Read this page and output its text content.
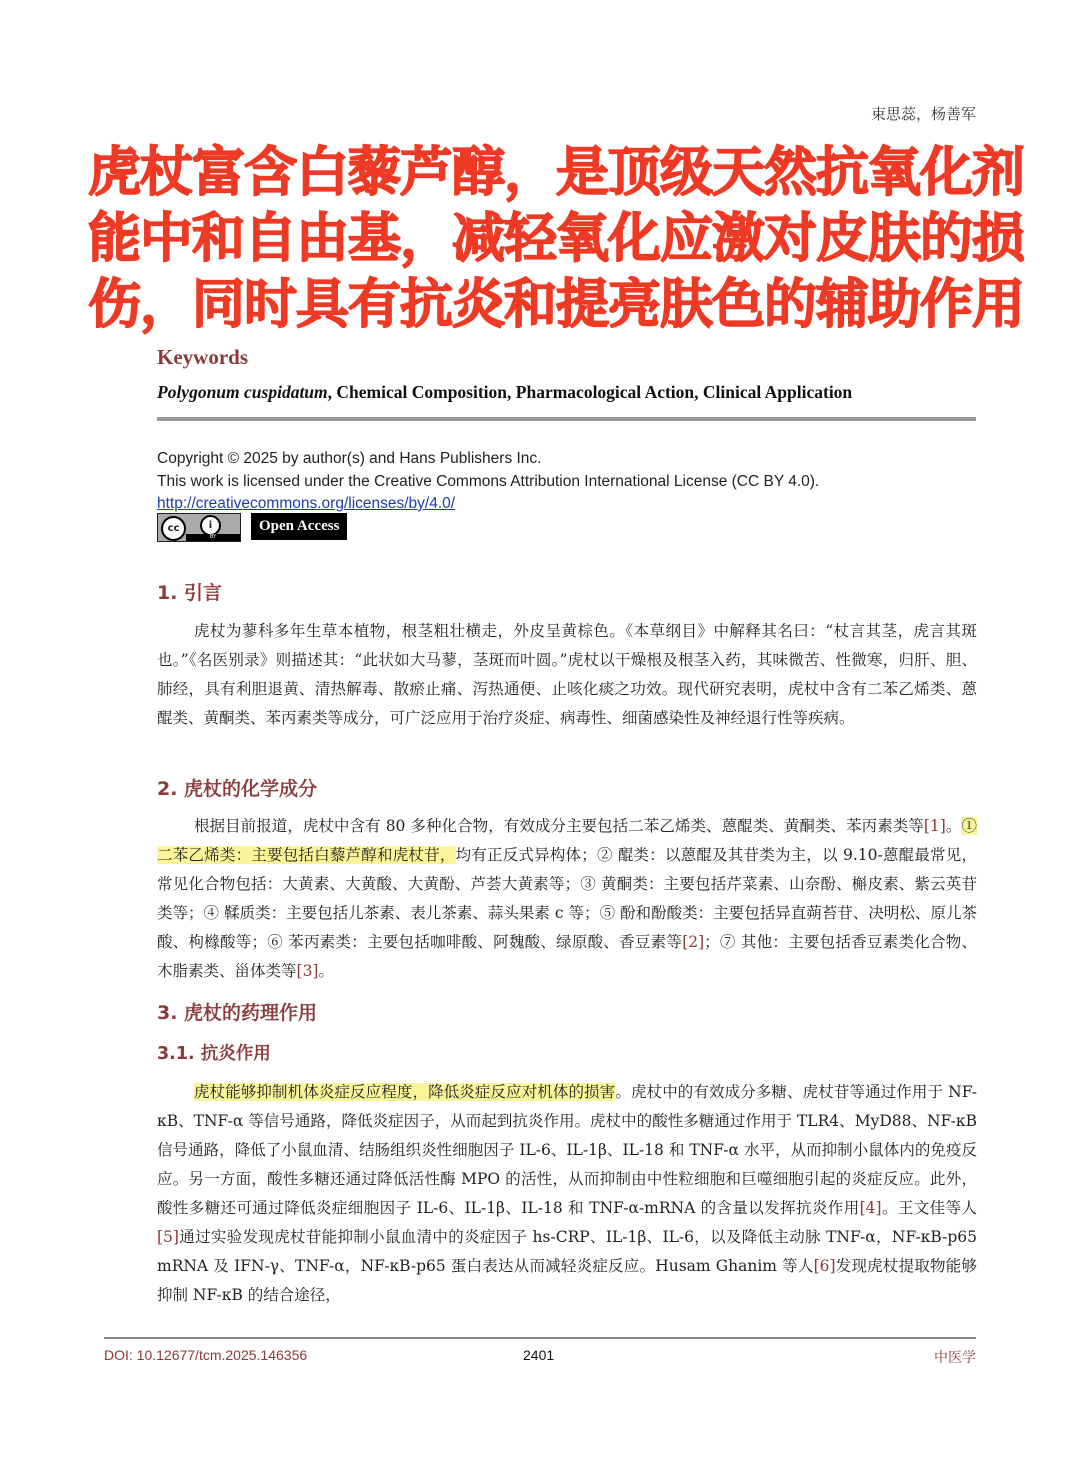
束思蕊，杨善军
虎杖富含白藜芦醇，是顶级天然抗氧化剂
能中和自由基，减轻氧化应激对皮肤的损
伤，同时具有抗炎和提亮肤色的辅助作用
Keywords
Polygonum cuspidatum, Chemical Composition, Pharmacological Action, Clinical Application
Copyright © 2025 by author(s) and Hans Publishers Inc.
This work is licensed under the Creative Commons Attribution International License (CC BY 4.0).
http://creativecommons.org/licenses/by/4.0/
cc	i
BY
Open Access
1. 引言
虎杖为蓼科多年生草本植物，根茎粗壮横走，外皮呈黄棕色。《本草纲目》中解释其名曰：“杖言其茎，虎言其斑也。”《名医别录》则描述其：“此状如大马蓼，茎斑而叶圆。”虎杖以干燥根及根茎入药，其味微苦、性微寒，归肝、胆、肺经，具有利胆退黄、清热解毒、散瘀止痛、泻热通便、止咳化痰之功效。现代研究表明，虎杖中含有二苯乙烯类、蒽醌类、黄酮类、苯丙素类等成分，可广泛应用于治疗炎症、病毒性、细菌感染性及神经退行性等疾病。
2. 虎杖的化学成分
根据目前报道，虎杖中含有 80 多种化合物，有效成分主要包括二苯乙烯类、蒽醌类、黄酮类、苯丙素类等[1]。① 二苯乙烯类：主要包括白藜芦醇和虎杖苷，均有正反式异构体；② 醌类：以蒽醌及其苷类为主，以 9.10-蒽醌最常见，常见化合物包括：大黄素、大黄酸、大黄酚、芦荟大黄素等；③ 黄酮类：主要包括芹菜素、山奈酚、槲皮素、紫云英苷类等；④ 鞣质类：主要包括儿茶素、表儿茶素、蒜头果素 c 等；⑤ 酚和酚酸类：主要包括异直蒴苔苷、决明松、原儿茶酸、枸橼酸等；⑥ 苯丙素类：主要包括咖啡酸、阿魏酸、绿原酸、香豆素等[2]；⑦ 其他：主要包括香豆素类化合物、木脂素类、甾体类等[3]。
3. 虎杖的药理作用
3.1. 抗炎作用
虎杖能够抑制机体炎症反应程度，降低炎症反应对机体的损害。虎杖中的有效成分多糖、虎杖苷等通过作用于 NF-κB、TNF-α 等信号通路，降低炎症因子，从而起到抗炎作用。虎杖中的酸性多糖通过作用于 TLR4、MyD88、NF-κB 信号通路，降低了小鼠血清、结肠组织炎性细胞因子 IL-6、IL-1β、IL-18 和 TNF-α 水平，从而抑制小鼠体内的免疫反应。另一方面，酸性多糖还通过降低活性酶 MPO 的活性，从而抑制由中性粒细胞和巨噬细胞引起的炎症反应。此外，酸性多糖还可通过降低炎症细胞因子 IL-6、IL-1β、IL-18 和 TNF-α-mRNA 的含量以发挥抗炎作用[4]。王文佳等人[5]通过实验发现虎杖苷能抑制小鼠血清中的炎症因子 hs-CRP、IL-1β、IL-6，以及降低主动脉 TNF-α，NF-κB-p65 mRNA 及 IFN-γ、TNF-α，NF-κB-p65 蛋白表达从而减轻炎症反应。Husam Ghanim 等人[6]发现虎杖提取物能够抑制 NF-κB 的结合途径，
DOI: 10.12677/tcm.2025.146356	2401	中医学
